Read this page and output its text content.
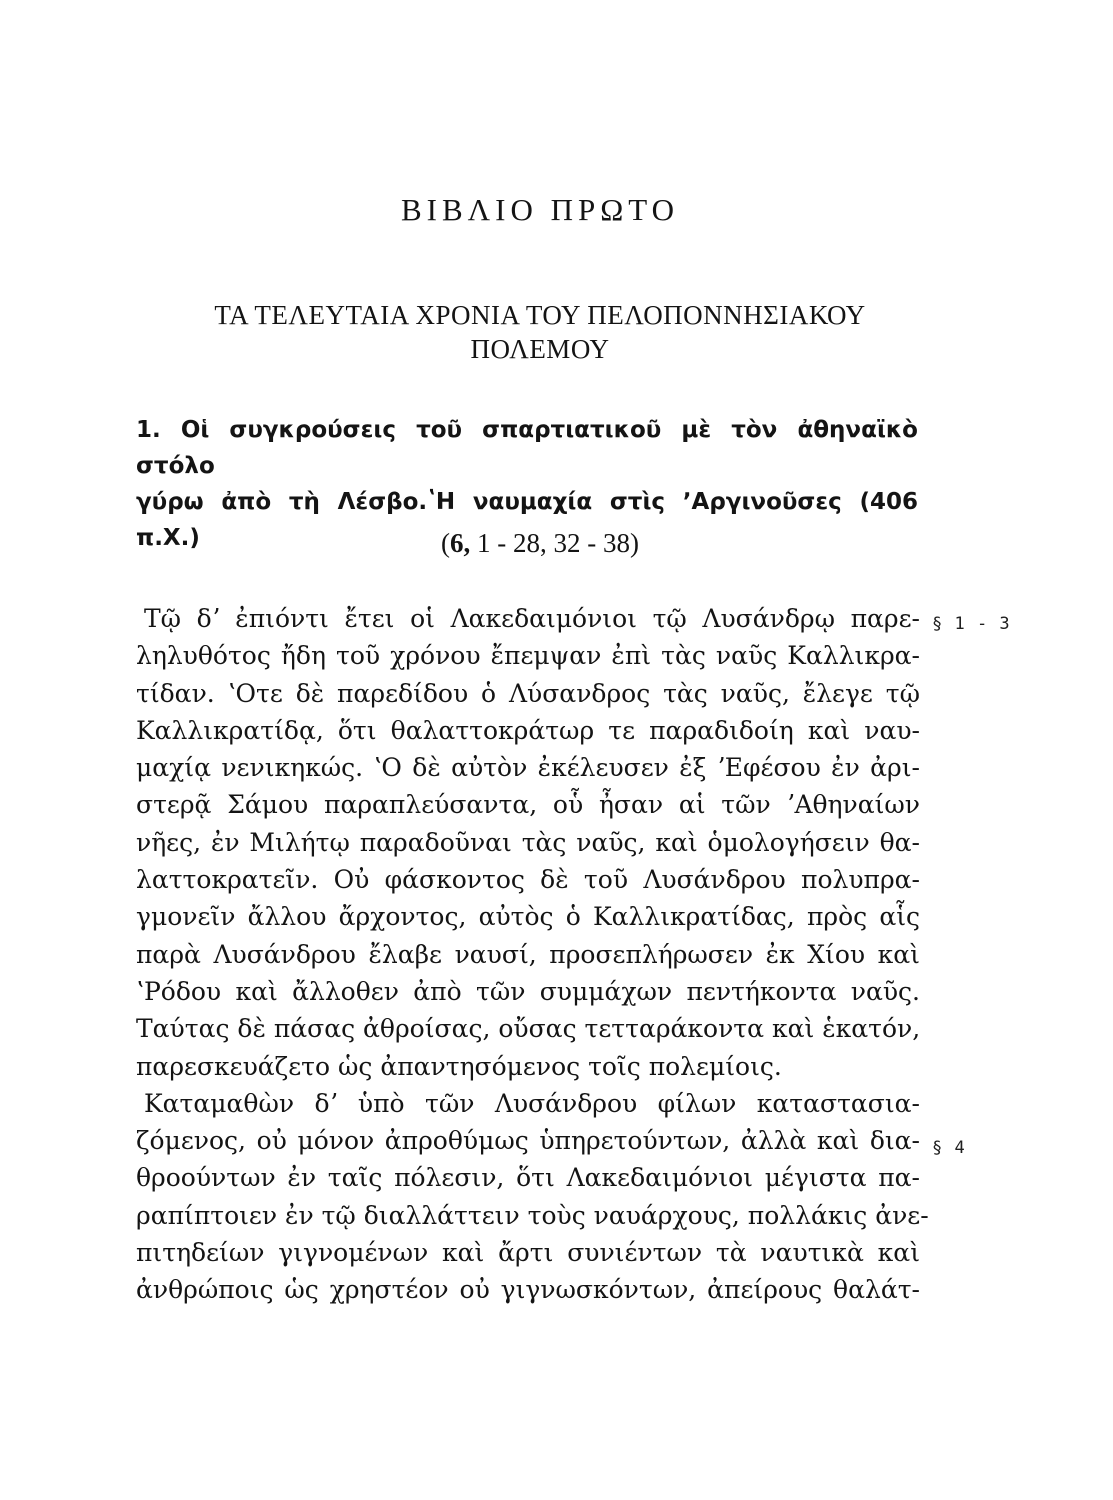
ΒΙΒΛΙΟ ΠΡΩΤΟ
ΤΑ ΤΕΛΕΥΤΑΙΑ ΧΡΟΝΙΑ ΤΟΥ ΠΕΛΟΠΟΝΝΗΣΙΑΚΟΥ
ΠΟΛΕΜΟΥ
1. Οἱ συγκρούσεις τοῦ σπαρτιατικοῦ μὲ τὸν ἀθηναϊκὸ στόλο
γύρω ἀπὸ τὴ Λέσβο.ʽΗ ναυμαχία στὶς ʼΑργινοῦσες (406 π.Χ.)	(6, 1 - 28, 32 - 38)
§ 1 - 3
§ 4
Τῷ δʼ ἐπιόντι ἔτει οἱ Λακεδαιμόνιοι τῷ Λυσάνδρῳ παρε-
ληλυθότος ἤδη τοῦ χρόνου ἔπεμψαν ἐπὶ τὰς ναῦς Καλλικρα-
τίδαν. ʽΟτε δὲ παρεδίδου ὁ Λύσανδρος τὰς ναῦς, ἔλεγε τῷ
Καλλικρατίδᾳ, ὅτι θαλαττοκράτωρ τε παραδιδοίη καὶ ναυ-
μαχίᾳ νενικηκώς. ʽΟ δὲ αὐτὸν ἐκέλευσεν ἐξ ʼΕφέσου ἐν ἀρι-
στερᾷ Σάμου παραπλεύσαντα, οὗ ἦσαν αἱ τῶν ʼΑθηναίων
νῆες, ἐν Μιλήτῳ παραδοῦναι τὰς ναῦς, καὶ ὁμολογήσειν θα-
λαττοκρατεῖν. Οὐ φάσκοντος δὲ τοῦ Λυσάνδρου πολυπρα-
γμονεῖν ἄλλου ἄρχοντος, αὐτὸς ὁ Καλλικρατίδας, πρὸς αἷς
παρὰ Λυσάνδρου ἔλαβε ναυσί, προσεπλήρωσεν ἐκ Χίου καὶ
ʽΡόδου καὶ ἄλλοθεν ἀπὸ τῶν συμμάχων πεντήκοντα ναῦς.
Ταύτας δὲ πάσας ἀθροίσας, οὔσας τετταράκοντα καὶ ἑκατόν,
παρεσκευάζετο ὡς ἀπαντησόμενος τοῖς πολεμίοις.
Καταμαθὼν δʼ ὑπὸ τῶν Λυσάνδρου φίλων καταστασια-
ζόμενος, οὐ μόνον ἀπροθύμως ὑπηρετούντων, ἀλλὰ καὶ δια-
θροούντων ἐν ταῖς πόλεσιν, ὅτι Λακεδαιμόνιοι μέγιστα πα-
ραπίπτοιεν ἐν τῷ διαλλάττειν τοὺς ναυάρχους, πολλάκις ἀνε-
πιτηδείων γιγνομένων καὶ ἄρτι συνιέντων τὰ ναυτικὰ καὶ
ἀνθρώποις ὡς χρηστέον οὐ γιγνωσκόντων, ἀπείρους θαλάτ-
